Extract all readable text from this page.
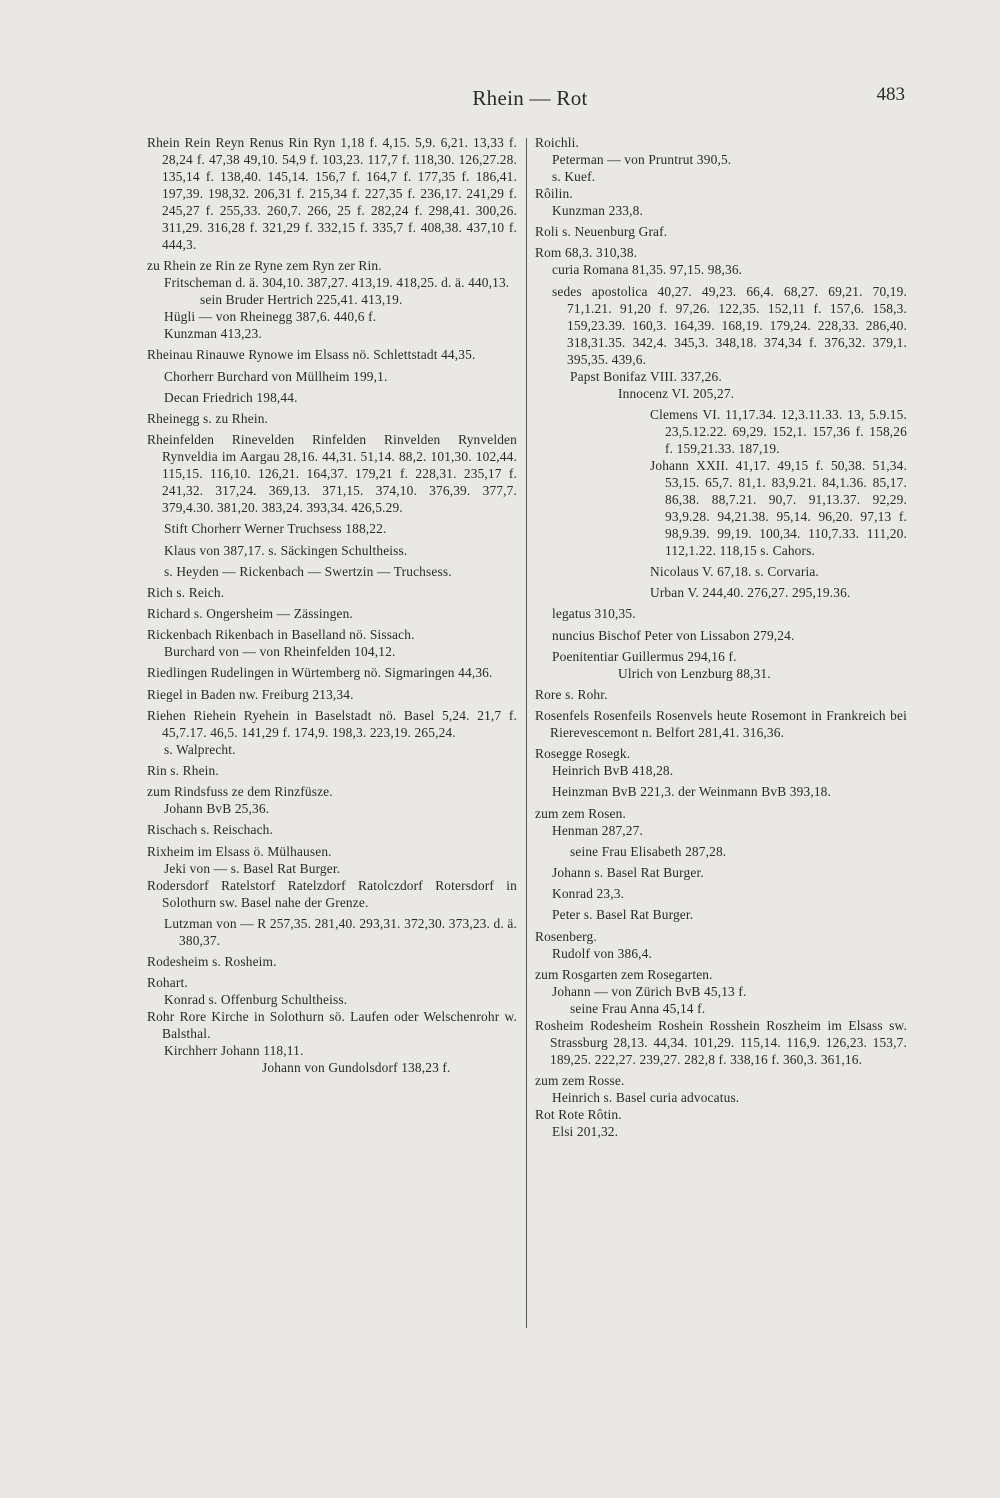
Rhein — Rot	483

Rhein Rein Reyn Renus Rin Ryn 1,18 f. 4,15. 5,9. 6,21. 13,33 f. 28,24 f. 47,38 49,10. 54,9 f. 103,23. 117,7 f. 118,30. 126,27.28. 135,14 f. 138,40. 145,14. 156,7 f. 164,7 f. 177,35 f. 186,41. 197,39. 198,32. 206,31 f. 215,34 f. 227,35 f. 236,17. 241,29 f. 245,27 f. 255,33. 260,7. 266, 25 f. 282,24 f. 298,41. 300,26. 311,29. 316,28 f. 321,29 f. 332,15 f. 335,7 f. 408,38. 437,10 f. 444,3.

zu Rhein ze Rin ze Ryne zem Ryn zer Rin.

Fritscheman d. ä. 304,10. 387,27. 413,19. 418,25. d. ä. 440,13.

sein Bruder Hertrich 225,41. 413,19.

Hügli — von Rheinegg 387,6. 440,6 f.

Kunzman 413,23.

Rheinau Rinauwe Rynowe im Elsass nö. Schlettstadt 44,35.

Chorherr Burchard von Müllheim 199,1.

Decan Friedrich 198,44.

Rheinegg s. zu Rhein.

Rheinfelden Rinevelden Rinfelden Rinvelden Rynvelden Rynveldia im Aargau 28,16. 44,31. 51,14. 88,2. 101,30. 102,44. 115,15. 116,10. 126,21. 164,37. 179,21 f. 228,31. 235,17 f. 241,32. 317,24. 369,13. 371,15. 374,10. 376,39. 377,7. 379,4.30. 381,20. 383,24. 393,34. 426,5.29.

Stift Chorherr Werner Truchsess 188,22.

Klaus von 387,17. s. Säckingen Schultheiss.

s. Heyden — Rickenbach — Swertzin — Truchsess.

Rich s. Reich.

Richard s. Ongersheim — Zässingen.

Rickenbach Rikenbach in Baselland nö. Sissach.

Burchard von — von Rheinfelden 104,12.

Riedlingen Rudelingen in Würtemberg nö. Sigmaringen 44,36.

Riegel in Baden nw. Freiburg 213,34.

Riehen Riehein Ryehein in Baselstadt nö. Basel 5,24. 21,7 f. 45,7.17. 46,5. 141,29 f. 174,9. 198,3. 223,19. 265,24.

s. Walprecht.

Rin s. Rhein.

zum Rindsfuss ze dem Rinzfüsze.

Johann BvB 25,36.

Rischach s. Reischach.

Rixheim im Elsass ö. Mülhausen.

Jeki von — s. Basel Rat Burger.

Rodersdorf Ratelstorf Ratelzdorf Ratolczdorf Rotersdorf in Solothurn sw. Basel nahe der Grenze.

Lutzman von — R 257,35. 281,40. 293,31. 372,30. 373,23. d. ä. 380,37.

Rodesheim s. Rosheim.

Rohart.

Konrad s. Offenburg Schultheiss.

Rohr Rore Kirche in Solothurn sö. Laufen oder Welschenrohr w. Balsthal.

Kirchherr Johann 118,11.

Johann von Gundolsdorf 138,23 f.

Roichli.

Peterman — von Pruntrut 390,5.

s. Kuef.

Rôilin.

Kunzman 233,8.

Roli s. Neuenburg Graf.

Rom 68,3. 310,38.

curia Romana 81,35. 97,15. 98,36.

sedes apostolica 40,27. 49,23. 66,4. 68,27. 69,21. 70,19. 71,1.21. 91,20 f. 97,26. 122,35. 152,11 f. 157,6. 158,3. 159,23.39. 160,3. 164,39. 168,19. 179,24. 228,33. 286,40. 318,31.35. 342,4. 345,3. 348,18. 374,34 f. 376,32. 379,1. 395,35. 439,6.

Papst Bonifaz VIII. 337,26.

Innocenz VI. 205,27.

Clemens VI. 11,17.34. 12,3.11.33. 13, 5.9.15. 23,5.12.22. 69,29. 152,1. 157,36 f. 158,26 f. 159,21.33. 187,19.

Johann XXII. 41,17. 49,15 f. 50,38. 51,34. 53,15. 65,7. 81,1. 83,9.21. 84,1.36. 85,17. 86,38. 88,7.21. 90,7. 91,13.37. 92,29. 93,9.28. 94,21.38. 95,14. 96,20. 97,13 f. 98,9.39. 99,19. 100,34. 110,7.33. 111,20. 112,1.22. 118,15 s. Cahors.

Nicolaus V. 67,18. s. Corvaria.

Urban V. 244,40. 276,27. 295,19.36.

legatus 310,35.

nuncius Bischof Peter von Lissabon 279,24.

Poenitentiar Guillermus 294,16 f.

Ulrich von Lenzburg 88,31.

Rore s. Rohr.

Rosenfels Rosenfeils Rosenvels heute Rosemont in Frankreich bei Rierevescemont n. Belfort 281,41. 316,36.

Rosegge Rosegk.

Heinrich BvB 418,28.

Heinzman BvB 221,3. der Weinmann BvB 393,18.

zum zem Rosen.

Henman 287,27.

seine Frau Elisabeth 287,28.

Johann s. Basel Rat Burger.

Konrad 23,3.

Peter s. Basel Rat Burger.

Rosenberg.

Rudolf von 386,4.

zum Rosgarten zem Rosegarten.

Johann — von Zürich BvB 45,13 f.

seine Frau Anna 45,14 f.

Rosheim Rodesheim Roshein Rosshein Roszheim im Elsass sw. Strassburg 28,13. 44,34. 101,29. 115,14. 116,9. 126,23. 153,7. 189,25. 222,27. 239,27. 282,8 f. 338,16 f. 360,3. 361,16.

zum zem Rosse.

Heinrich s. Basel curia advocatus.

Rot Rote Rôtin.

Elsi 201,32.
